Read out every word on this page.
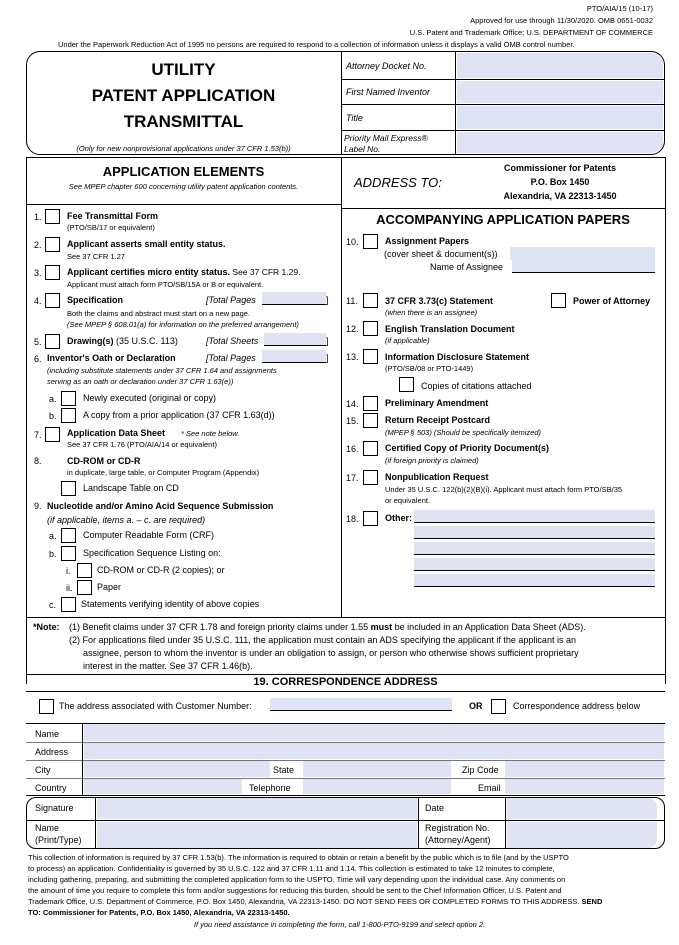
PTO/AIA/15 (10-17)
Approved for use through 11/30/2020. OMB 0651-0032
U.S. Patent and Trademark Office; U.S. DEPARTMENT OF COMMERCE
Under the Paperwork Reduction Act of 1995 no persons are required to respond to a collection of information unless it displays a valid OMB control number.
UTILITY
PATENT APPLICATION
TRANSMITTAL
(Only for new nonprovisional applications under 37 CFR 1.53(b))
Attorney Docket No.
First Named Inventor
Title
Priority Mail Express®
Label No.
APPLICATION ELEMENTS
See MPEP chapter 600 concerning utility patent application contents.	ADDRESS TO:
Commissioner for Patents
P.O. Box 1450
Alexandria, VA 22313-1450
ACCOMPANYING APPLICATION PAPERS
1.	Fee Transmittal Form
(PTO/SB/17 or equivalent)
2.	Applicant asserts small entity status.
See 37 CFR 1.27
3.	Applicant certifies micro entity status. See 37 CFR 1.29.
Applicant must attach form PTO/SB/15A or B or equivalent.
4.	Specification	[Total Pages	]
Both the claims and abstract must start on a new page.
(See MPEP § 608.01(a) for information on the preferred arrangement)
5.	Drawing(s) (35 U.S.C. 113)	[Total Sheets	]
6. Inventor's Oath or Declaration	[Total Pages	]
(including substitute statements under 37 CFR 1.64 and assignments
serving as an oath or declaration under 37 CFR 1.63(e))
a.	Newly executed (original or copy)
b.	A copy from a prior application (37 CFR 1.63(d))
7.	Application Data Sheet * See note below.
See 37 CFR 1.76 (PTO/AIA/14 or equivalent)
8.	CD-ROM or CD-R
in duplicate, large table, or Computer Program (Appendix)
Landscape Table on CD
9. Nucleotide and/or Amino Acid Sequence Submission
(if applicable, items a. – c. are required)
a.	Computer Readable Form (CRF)
b.	Specification Sequence Listing on:
i.	CD-ROM or CD-R (2 copies); or
ii.	Paper
c.	Statements verifying identity of above copies
10.	Assignment Papers
(cover sheet & document(s))
Name of Assignee
11.	37 CFR 3.73(c) Statement
(when there is an assignee)
Power of Attorney
12.	English Translation Document
(if applicable)
13.	Information Disclosure Statement
(PTO/SB/08 or PTO-1449)
Copies of citations attached
14.	Preliminary Amendment
15.	Return Receipt Postcard
(MPEP § 503) (Should be specifically itemized)
16.	Certified Copy of Priority Document(s)
(if foreign priority is claimed)
17.	Nonpublication Request
Under 35 U.S.C. 122(b)(2)(B)(i). Applicant must attach form PTO/SB/35
or equivalent.
18.	Other:
*Note: (1) Benefit claims under 37 CFR 1.78 and foreign priority claims under 1.55 must be included in an Application Data Sheet (ADS).
(2) For applications filed under 35 U.S.C. 111, the application must contain an ADS specifying the applicant if the applicant is an
assignee, person to whom the inventor is under an obligation to assign, or person who otherwise shows sufficient proprietary
interest in the matter. See 37 CFR 1.46(b).
19. CORRESPONDENCE ADDRESS
The address associated with Customer Number:	OR	Correspondence address below
Name
Address
City	State	Zip Code
Country	Telephone	Email
Signature	Date
Name
(Print/Type)
Registration No.
(Attorney/Agent)
This collection of information is required by 37 CFR 1.53(b). The information is required to obtain or retain a benefit by the public which is to file (and by the USPTO
to process) an application. Confidentiality is governed by 35 U.S.C. 122 and 37 CFR 1.11 and 1.14. This collection is estimated to take 12 minutes to complete,
including gathering, preparing, and submitting the completed application form to the USPTO. Time will vary depending upon the individual case. Any comments on
the amount of time you require to complete this form and/or suggestions for reducing this burden, should be sent to the Chief Information Officer, U.S. Patent and
Trademark Office, U.S. Department of Commerce, P.O. Box 1450, Alexandria, VA 22313-1450. DO NOT SEND FEES OR COMPLETED FORMS TO THIS ADDRESS. SEND
TO: Commissioner for Patents, P.O. Box 1450, Alexandria, VA 22313-1450.
If you need assistance in completing the form, call 1-800-PTO-9199 and select option 2.
